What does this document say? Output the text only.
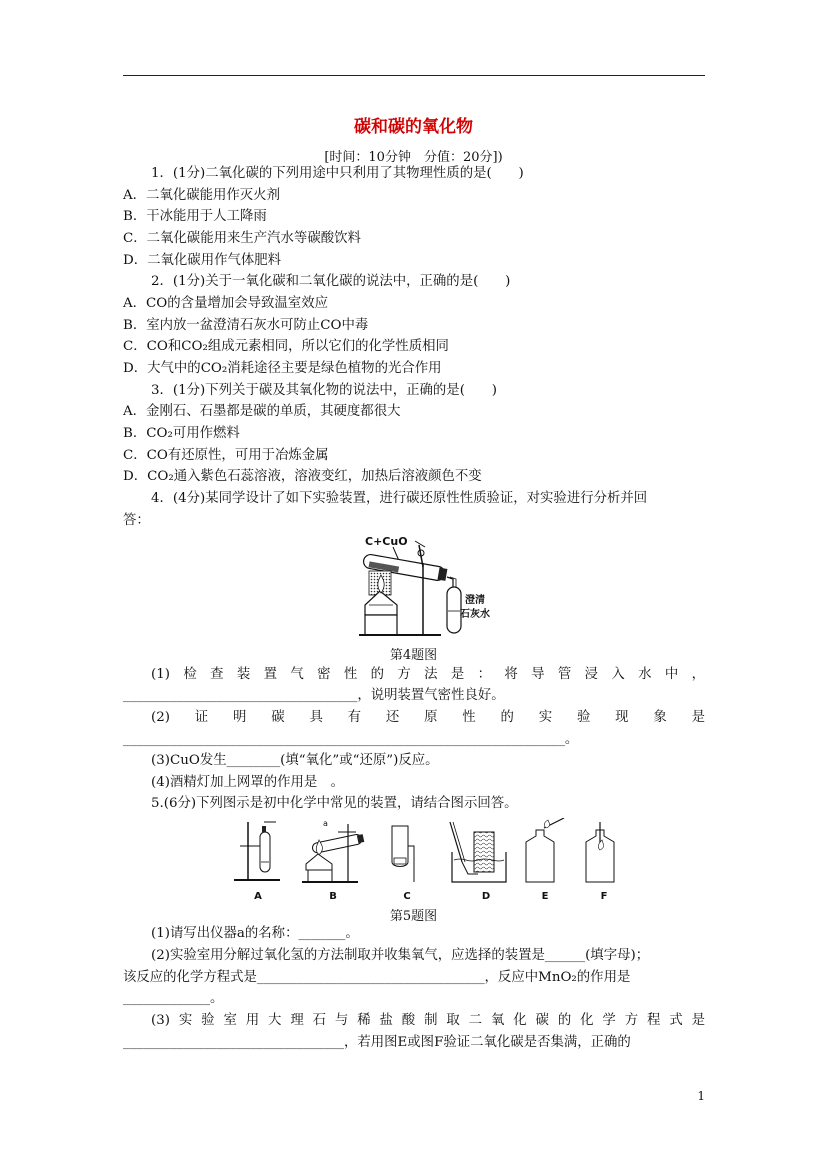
碳和碳的氧化物
[时间：10分钟　分值：20分])
1．(1分)二氧化碳的下列用途中只利用了其物理性质的是(　　)
A．二氧化碳能用作灭火剂
B．干冰能用于人工降雨
C．二氧化碳能用来生产汽水等碳酸饮料
D．二氧化碳用作气体肥料
2．(1分)关于一氧化碳和二氧化碳的说法中，正确的是(　　)
A．CO的含量增加会导致温室效应
B．室内放一盆澄清石灰水可防止CO中毒
C．CO和CO₂组成元素相同，所以它们的化学性质相同
D．大气中的CO₂消耗途径主要是绿色植物的光合作用
3．(1分)下列关于碳及其氧化物的说法中，正确的是(　　)
A．金刚石、石墨都是碳的单质，其硬度都很大
B．CO₂可用作燃料
C．CO有还原性，可用于冶炼金属
D．CO₂通入紫色石蕊溶液，溶液变红，加热后溶液颜色不变
4．(4分)某同学设计了如下实验装置，进行碳还原性性质验证，对实验进行分析并回
答：
C+CuO
澄清
石灰水
第4题图
(1)检查装置气密性的方法是：将导管浸入水中，
___________________________________，说明装置气密性良好。
(2)证明碳具有还原性的实验现象是
__________________________________________________________________。
(3)CuO发生________(填“氧化”或“还原”)反应。
(4)酒精灯加上网罩的作用是　。
5.(6分)下列图示是初中化学中常见的装置，请结合图示回答。
A
a
B	C	D	E	F
第5题图
(1)请写出仪器a的名称：_______。
(2)实验室用分解过氧化氢的方法制取并收集氧气，应选择的装置是______(填字母)；
该反应的化学方程式是__________________________________，反应中MnO₂的作用是
_____________。
(3)实验室用大理石与稀盐酸制取二氧化碳的化学方程式是
_________________________________，若用图E或图F验证二氧化碳是否集满，正确的
1
